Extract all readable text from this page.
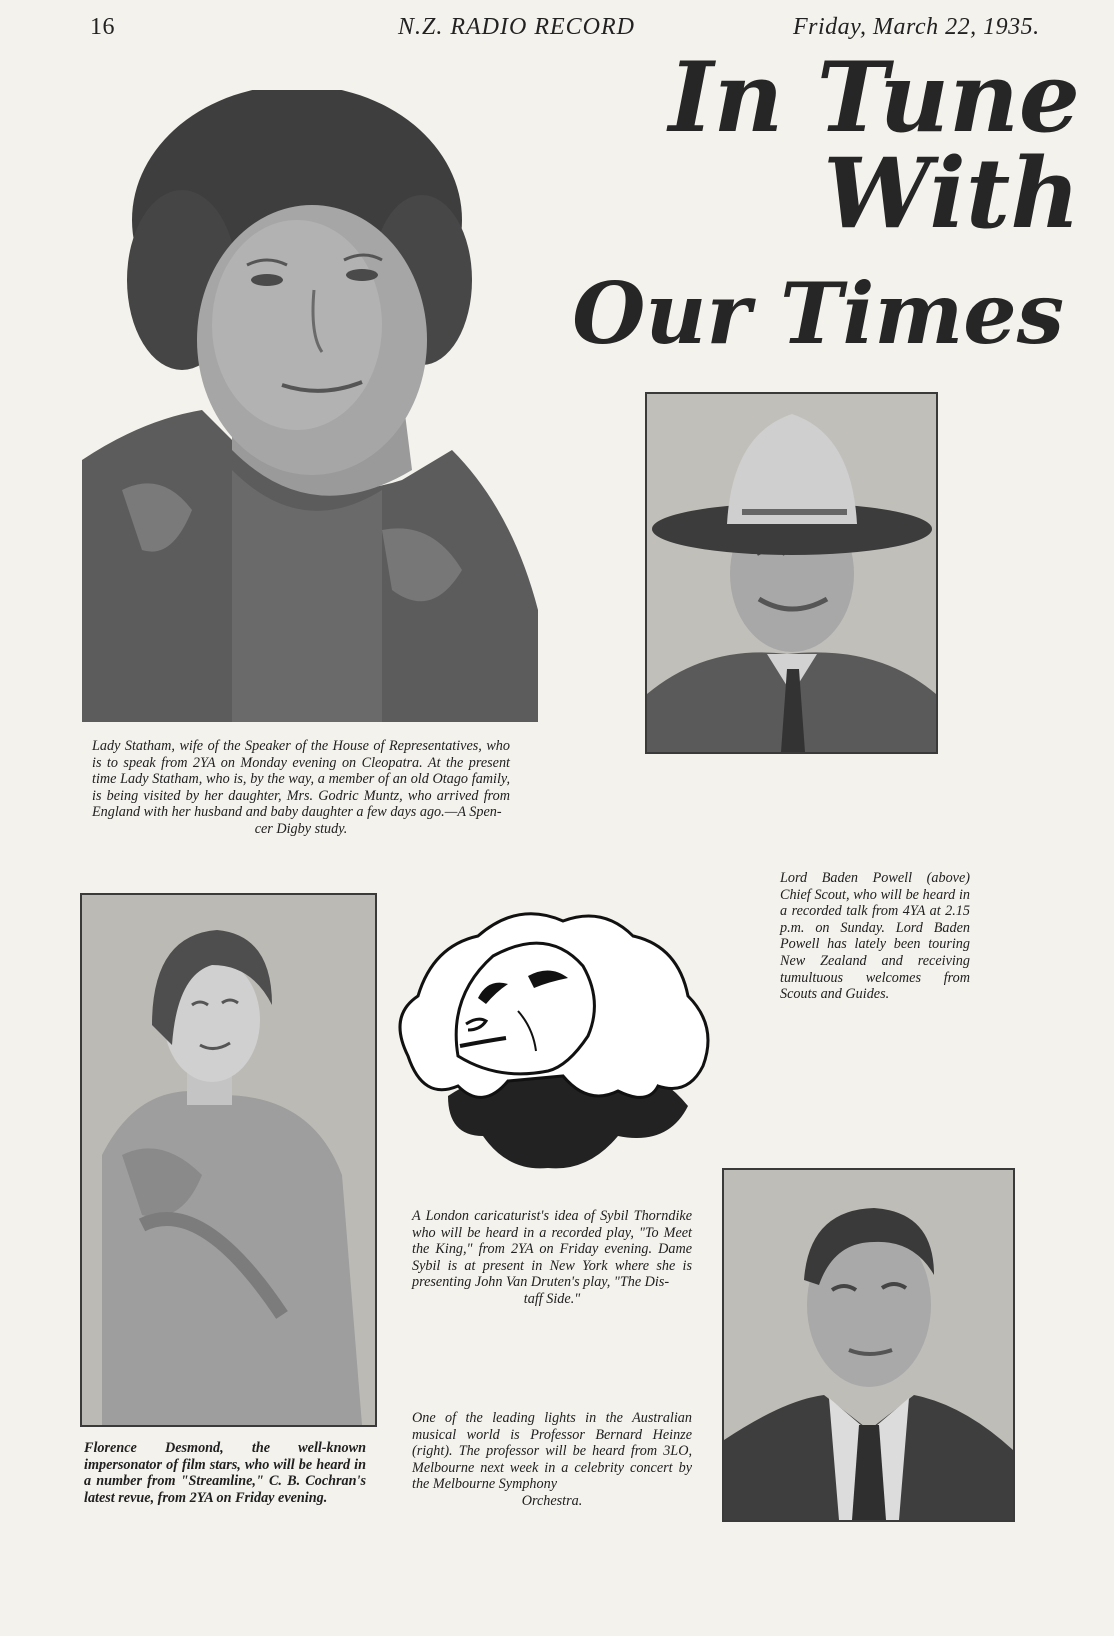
16	N.Z. RADIO RECORD	Friday, March 22, 1935.
In Tune With
Our Times
Lady Statham, wife of the Speaker of the House of Representatives, who is to speak from 2YA on Monday evening on Cleopatra. At the present time Lady Statham, who is, by the way, a member of an old Otago family, is being visited by her daughter, Mrs. Godric Muntz, who arrived from England with her husband and baby daughter a few days ago.—A Spen-
cer Digby study.
Lord Baden Powell (above) Chief Scout, who will be heard in a recorded talk from 4YA at 2.15 p.m. on Sunday. Lord Baden Powell has lately been touring New Zealand and receiving tumultuous welcomes from Scouts and Guides.
A London caricaturist's idea of Sybil Thorndike who will be heard in a recorded play, "To Meet the King," from 2YA on Friday evening. Dame Sybil is at present in New York where she is presenting John Van Druten's play, "The Dis-
taff Side."
Florence Desmond, the well-known impersonator of film stars, who will be heard in a number from "Streamline," C. B. Cochran's latest revue, from 2YA on Friday evening.
One of the leading lights in the Australian musical world is Professor Bernard Heinze (right). The professor will be heard from 3LO, Melbourne next week in a celebrity concert by the Melbourne Symphony
Orchestra.
